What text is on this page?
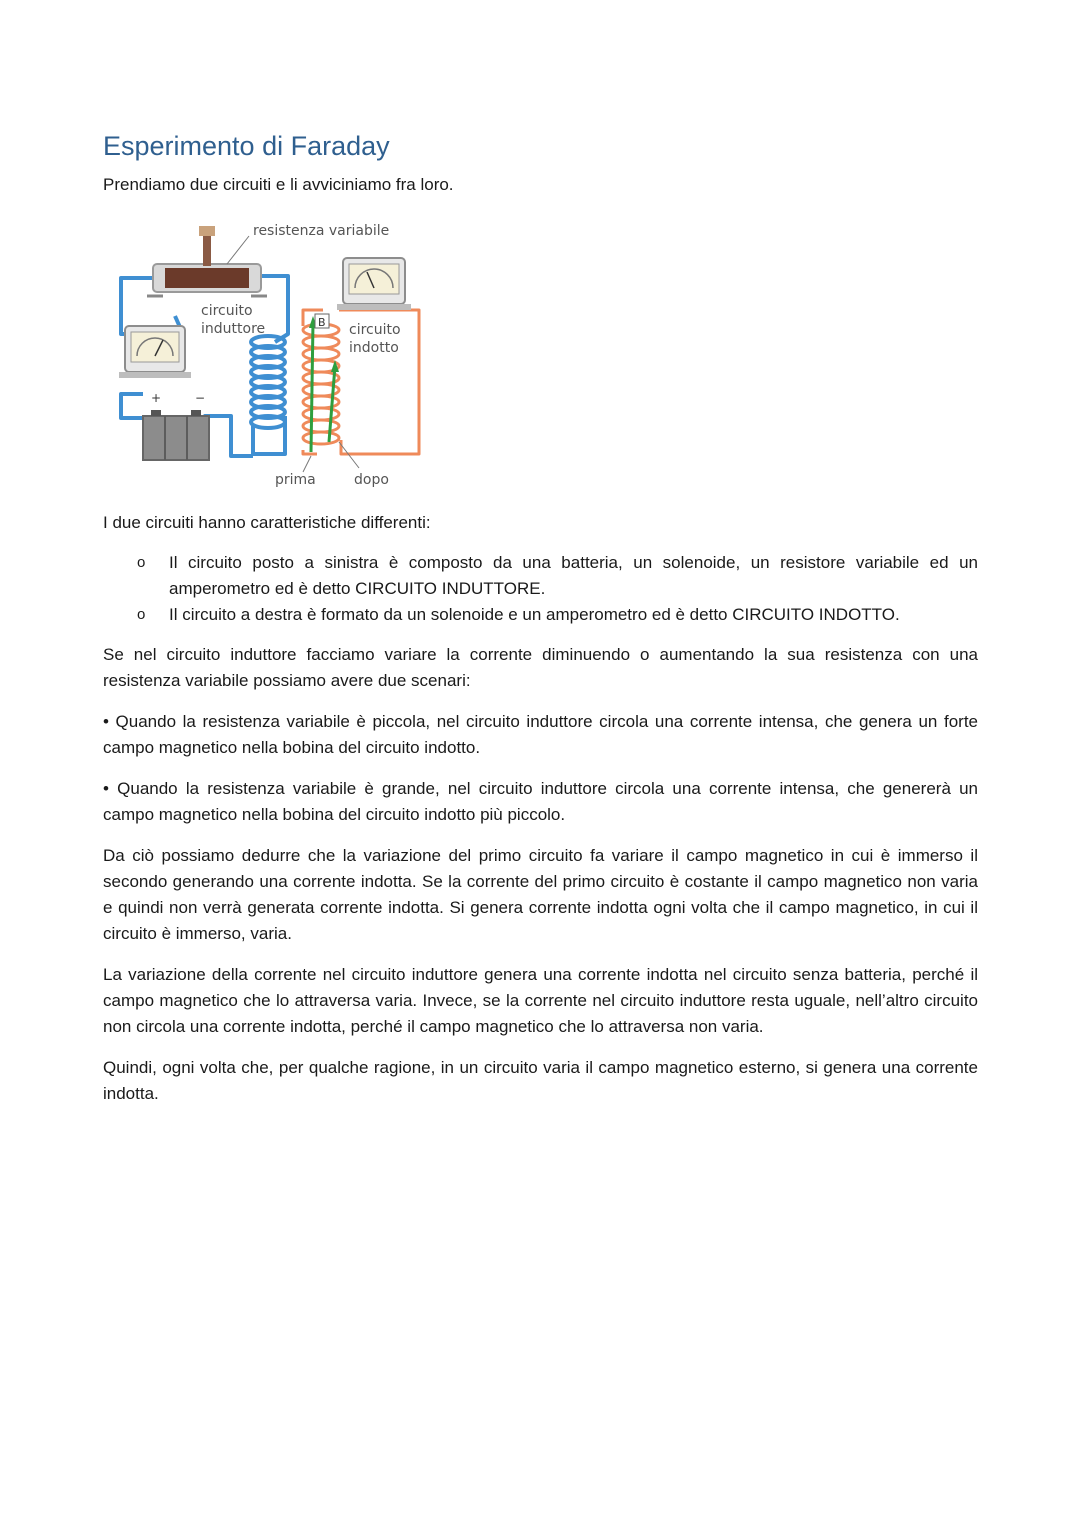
Esperimento di Faraday

Prendiamo due circuiti e li avviciniamo fra loro.

+	−
B
resistenza variabile
circuito
induttore	circuito
indotto
prima	dopo

I due circuiti hanno caratteristiche differenti:

o Il circuito posto a sinistra è composto da una batteria, un solenoide, un resistore variabile ed un amperometro ed è detto CIRCUITO INDUTTORE.
o Il circuito a destra è formato da un solenoide e un amperometro ed è detto CIRCUITO INDOTTO.

Se nel circuito induttore facciamo variare la corrente diminuendo o aumentando la sua resistenza con una resistenza variabile possiamo avere due scenari:

• Quando la resistenza variabile è piccola, nel circuito induttore circola una corrente intensa, che genera un forte campo magnetico nella bobina del circuito indotto.

• Quando la resistenza variabile è grande, nel circuito induttore circola una corrente intensa, che genererà un campo magnetico nella bobina del circuito indotto più piccolo.

Da ciò possiamo dedurre che la variazione del primo circuito fa variare il campo magnetico in cui è immerso il secondo generando una corrente indotta. Se la corrente del primo circuito è costante il campo magnetico non varia e quindi non verrà generata corrente indotta. Si genera corrente indotta ogni volta che il campo magnetico, in cui il circuito è immerso, varia.

La variazione della corrente nel circuito induttore genera una corrente indotta nel circuito senza batteria, perché il campo magnetico che lo attraversa varia. Invece, se la corrente nel circuito induttore resta uguale, nell’altro circuito non circola una corrente indotta, perché il campo magnetico che lo attraversa non varia.

Quindi, ogni volta che, per qualche ragione, in un circuito varia il campo magnetico esterno, si genera una corrente indotta.
